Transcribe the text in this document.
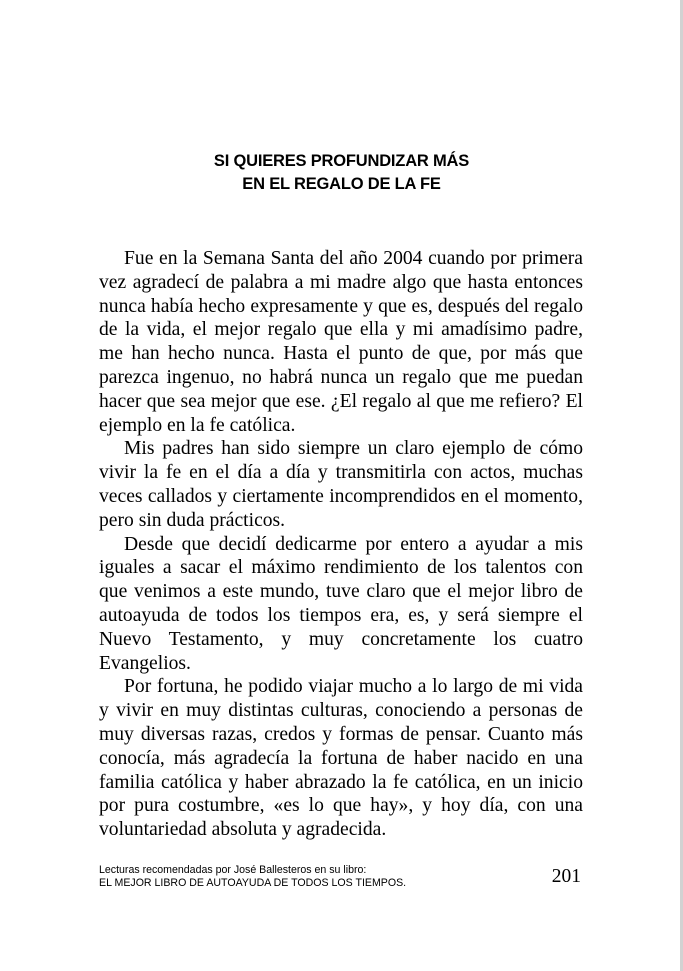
SI QUIERES PROFUNDIZAR MÁS
EN EL REGALO DE LA FE

Fue en la Semana Santa del año 2004 cuando por primera vez agradecí de palabra a mi madre algo que hasta entonces nunca había hecho expresamente y que es, después del regalo de la vida, el mejor regalo que ella y mi amadísimo padre, me han hecho nunca. Hasta el punto de que, por más que parezca ingenuo, no habrá nunca un regalo que me puedan hacer que sea mejor que ese. ¿El regalo al que me refiero? El ejemplo en la fe católica.

Mis padres han sido siempre un claro ejemplo de cómo vivir la fe en el día a día y transmitirla con actos, muchas veces callados y ciertamente incomprendidos en el momento, pero sin duda prácticos.

Desde que decidí dedicarme por entero a ayudar a mis iguales a sacar el máximo rendimiento de los talentos con que venimos a este mundo, tuve claro que el mejor libro de autoayuda de todos los tiempos era, es, y será siempre el Nuevo Testamento, y muy concretamente los cuatro Evangelios.

Por fortuna, he podido viajar mucho a lo largo de mi vida y vivir en muy distintas culturas, conociendo a personas de muy diversas razas, credos y formas de pensar. Cuanto más conocía, más agradecía la fortuna de haber nacido en una familia católica y haber abrazado la fe católica, en un inicio por pura costumbre, «es lo que hay», y hoy día, con una voluntariedad absoluta y agradecida.

Lecturas recomendadas por José Ballesteros en su libro:
EL MEJOR LIBRO DE AUTOAYUDA DE TODOS LOS TIEMPOS.	201
